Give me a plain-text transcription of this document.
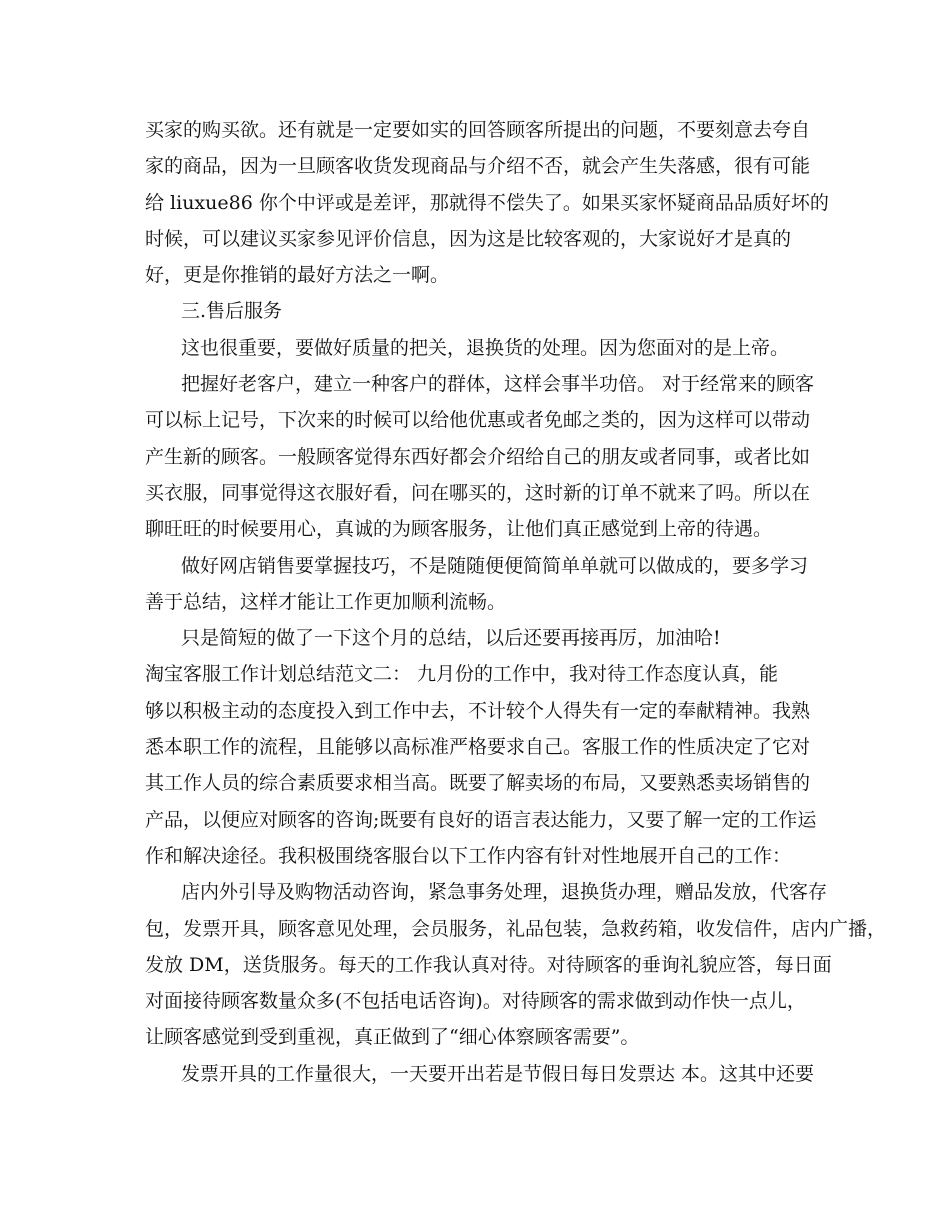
买家的购买欲。还有就是一定要如实的回答顾客所提出的问题，不要刻意去夸自
家的商品，因为一旦顾客收货发现商品与介绍不否，就会产生失落感，很有可能
给 liuxue86 你个中评或是差评，那就得不偿失了。如果买家怀疑商品品质好坏的
时候，可以建议买家参见评价信息，因为这是比较客观的，大家说好才是真的
好，更是你推销的最好方法之一啊。
三.售后服务
这也很重要，要做好质量的把关，退换货的处理。因为您面对的是上帝。
把握好老客户，建立一种客户的群体，这样会事半功倍。 对于经常来的顾客
可以标上记号，下次来的时候可以给他优惠或者免邮之类的，因为这样可以带动
产生新的顾客。一般顾客觉得东西好都会介绍给自己的朋友或者同事，或者比如
买衣服，同事觉得这衣服好看，问在哪买的，这时新的订单不就来了吗。所以在
聊旺旺的时候要用心，真诚的为顾客服务，让他们真正感觉到上帝的待遇。
做好网店销售要掌握技巧，不是随随便便简简单单就可以做成的，要多学习
善于总结，这样才能让工作更加顺利流畅。
只是简短的做了一下这个月的总结，以后还要再接再厉，加油哈!
淘宝客服工作计划总结范文二： 九月份的工作中，我对待工作态度认真，能
够以积极主动的态度投入到工作中去，不计较个人得失有一定的奉献精神。我熟
悉本职工作的流程，且能够以高标准严格要求自己。客服工作的性质决定了它对
其工作人员的综合素质要求相当高。既要了解卖场的布局，又要熟悉卖场销售的
产品，以便应对顾客的咨询;既要有良好的语言表达能力，又要了解一定的工作运
作和解决途径。我积极围绕客服台以下工作内容有针对性地展开自己的工作：
店内外引导及购物活动咨询，紧急事务处理，退换货办理，赠品发放，代客存
包，发票开具，顾客意见处理，会员服务，礼品包装，急救药箱，收发信件，店内广播，
发放 DM，送货服务。每天的工作我认真对待。对待顾客的垂询礼貌应答，每日面
对面接待顾客数量众多(不包括电话咨询)。对待顾客的需求做到动作快一点儿，
让顾客感觉到受到重视，真正做到了“细心体察顾客需要”。
发票开具的工作量很大，一天要开出若是节假日每日发票达 本。这其中还要
